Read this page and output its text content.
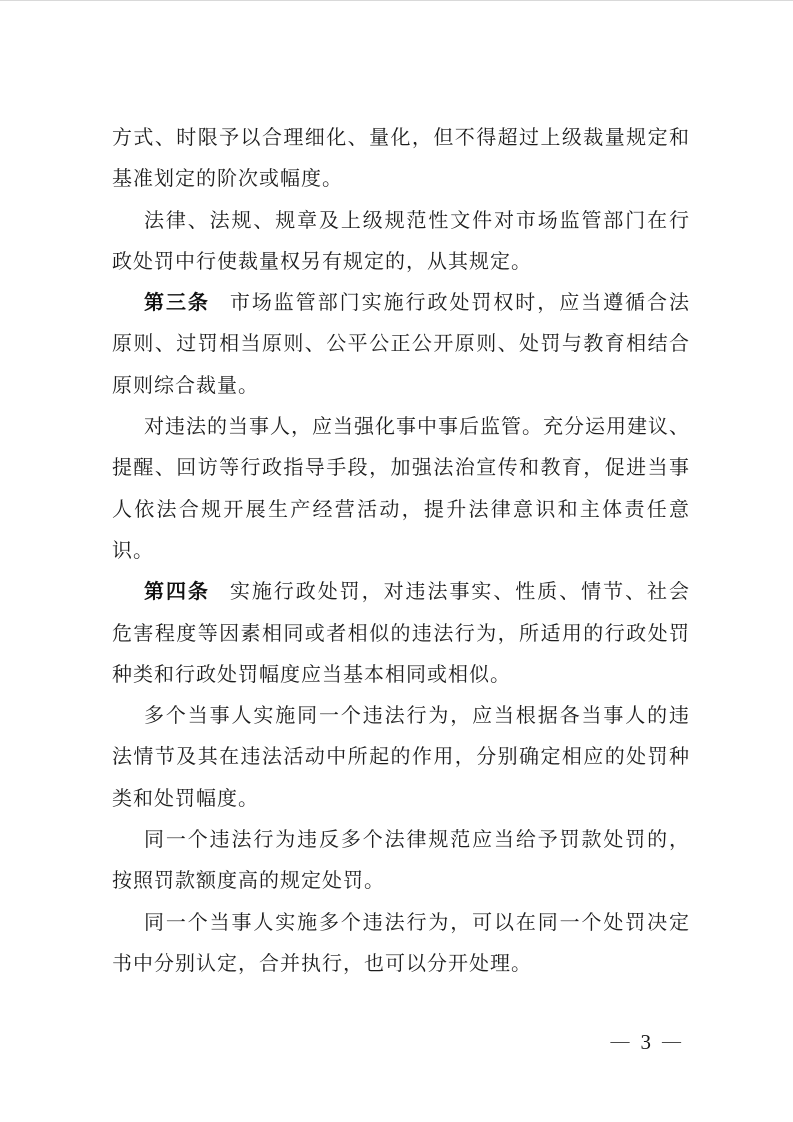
方式、时限予以合理细化、量化，但不得超过上级裁量规定和
基准划定的阶次或幅度。
法律、法规、规章及上级规范性文件对市场监管部门在行
政处罚中行使裁量权另有规定的，从其规定。
第三条 市场监管部门实施行政处罚权时，应当遵循合法
原则、过罚相当原则、公平公正公开原则、处罚与教育相结合
原则综合裁量。
对违法的当事人，应当强化事中事后监管。充分运用建议、
提醒、回访等行政指导手段，加强法治宣传和教育，促进当事
人依法合规开展生产经营活动，提升法律意识和主体责任意
识。
第四条 实施行政处罚，对违法事实、性质、情节、社会
危害程度等因素相同或者相似的违法行为，所适用的行政处罚
种类和行政处罚幅度应当基本相同或相似。
多个当事人实施同一个违法行为，应当根据各当事人的违
法情节及其在违法活动中所起的作用，分别确定相应的处罚种
类和处罚幅度。
同一个违法行为违反多个法律规范应当给予罚款处罚的，
按照罚款额度高的规定处罚。
同一个当事人实施多个违法行为，可以在同一个处罚决定
书中分别认定，合并执行，也可以分开处理。
— 3 —
